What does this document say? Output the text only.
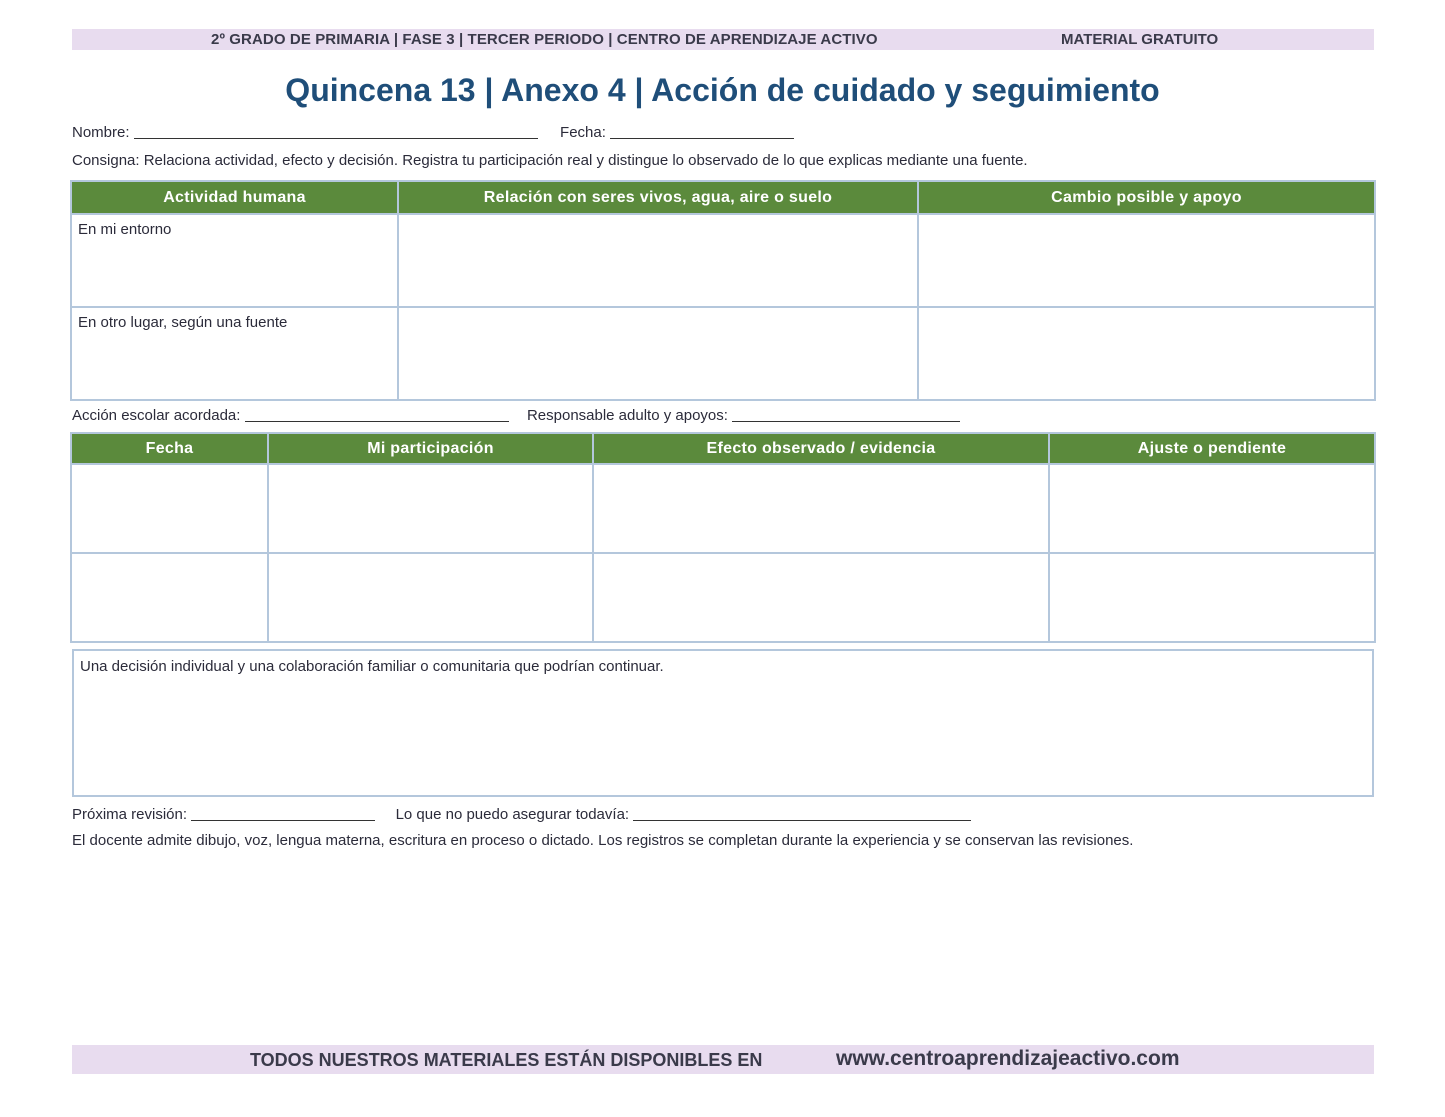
2º GRADO DE PRIMARIA | FASE 3 | TERCER PERIODO | CENTRO DE APRENDIZAJE ACTIVO	MATERIAL GRATUITO
Quincena 13 | Anexo 4 | Acción de cuidado y seguimiento
Nombre:	Fecha:
Consigna: Relaciona actividad, efecto y decisión. Registra tu participación real y distingue lo observado de lo que explicas mediante una fuente.
Actividad humana	Relación con seres vivos, agua, aire o suelo	Cambio posible y apoyo
En mi entorno		
En otro lugar, según una fuente		
Acción escolar acordada:	Responsable adulto y apoyos:
Fecha	Mi participación	Efecto observado / evidencia	Ajuste o pendiente

Una decisión individual y una colaboración familiar o comunitaria que podrían continuar.
Próxima revisión:	Lo que no puedo asegurar todavía:
El docente admite dibujo, voz, lengua materna, escritura en proceso o dictado. Los registros se completan durante la experiencia y se conservan las revisiones.
TODOS NUESTROS MATERIALES ESTÁN DISPONIBLES EN	www.centroaprendizajeactivo.com
